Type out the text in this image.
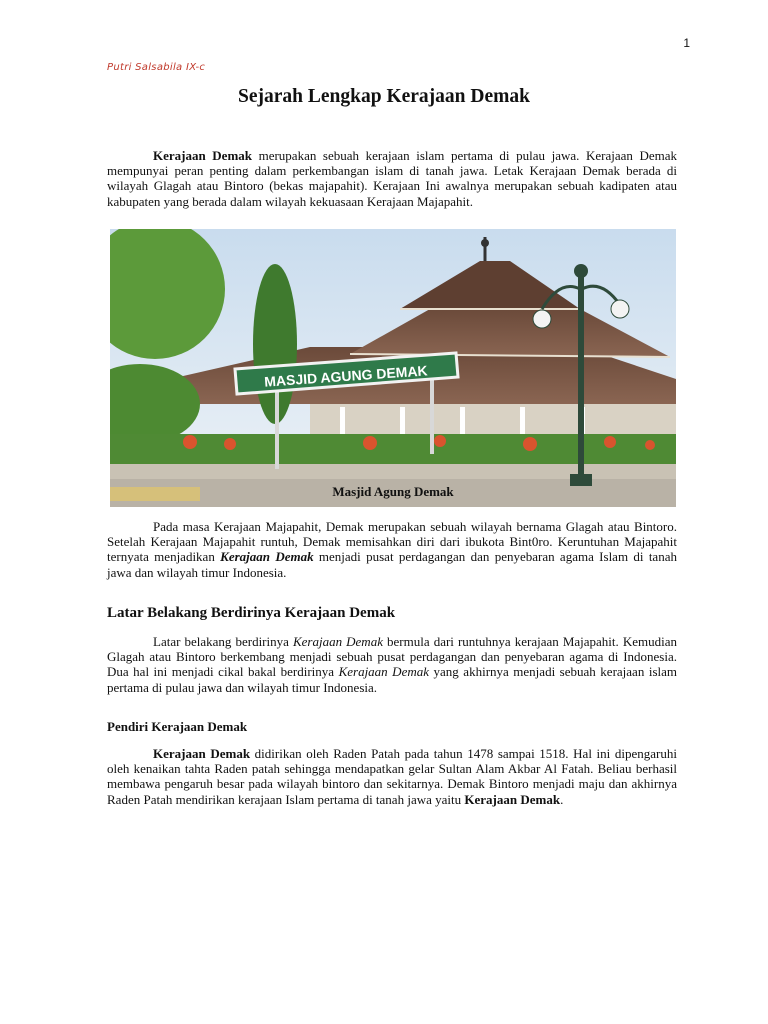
1
Putri Salsabila IX-c
Sejarah Lengkap Kerajaan Demak

Kerajaan Demak merupakan sebuah kerajaan islam pertama di pulau jawa. Kerajaan Demak mempunyai peran penting dalam perkembangan islam di tanah jawa. Letak Kerajaan Demak berada di wilayah Glagah atau Bintoro (bekas majapahit). Kerajaan Ini awalnya merupakan sebuah kadipaten atau kabupaten yang berada dalam wilayah kekuasaan Kerajaan Majapahit.

MASJID AGUNG DEMAK
Masjid Agung Demak

Pada masa Kerajaan Majapahit, Demak merupakan sebuah wilayah bernama Glagah atau Bintoro. Setelah Kerajaan Majapahit runtuh, Demak memisahkan diri dari ibukota Bint0ro. Keruntuhan Majapahit ternyata menjadikan Kerajaan Demak menjadi pusat perdagangan dan penyebaran agama Islam di tanah jawa dan wilayah timur Indonesia.

Latar Belakang Berdirinya Kerajaan Demak

Latar belakang berdirinya Kerajaan Demak bermula dari runtuhnya kerajaan Majapahit. Kemudian Glagah atau Bintoro berkembang menjadi sebuah pusat perdagangan dan penyebaran agama di Indonesia. Dua hal ini menjadi cikal bakal berdirinya Kerajaan Demak yang akhirnya menjadi sebuah kerajaan islam pertama di pulau jawa dan wilayah timur Indonesia.

Pendiri Kerajaan Demak

Kerajaan Demak didirikan oleh Raden Patah pada tahun 1478 sampai 1518. Hal ini dipengaruhi oleh kenaikan tahta Raden patah sehingga mendapatkan gelar Sultan Alam Akbar Al Fatah. Beliau berhasil membawa pengaruh besar pada wilayah bintoro dan sekitarnya. Demak Bintoro menjadi maju dan akhirnya Raden Patah mendirikan kerajaan Islam pertama di tanah jawa yaitu Kerajaan Demak.
